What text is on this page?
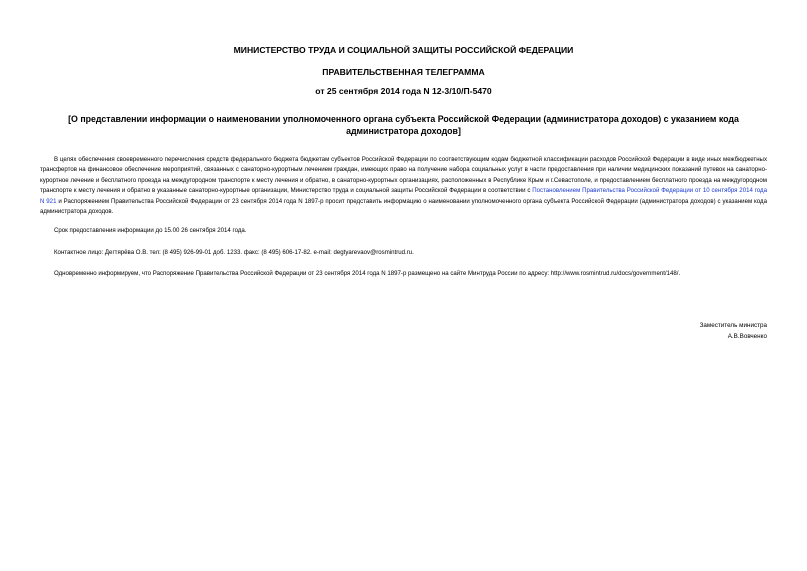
МИНИСТЕРСТВО ТРУДА И СОЦИАЛЬНОЙ ЗАЩИТЫ РОССИЙСКОЙ ФЕДЕРАЦИИ
ПРАВИТЕЛЬСТВЕННАЯ ТЕЛЕГРАММА
от 25 сентября 2014 года N 12-3/10/П-5470
[О представлении информации о наименовании уполномоченного органа субъекта Российской Федерации (администратора доходов) с указанием кода администратора доходов]
В целях обеспечения своевременного перечисления средств федерального бюджета бюджетам субъектов Российской Федерации по соответствующим кодам бюджетной классификации расходов Российской Федерации в виде иных межбюджетных трансфертов на финансовое обеспечение мероприятий, связанных с санаторно-курортным лечением граждан, имеющих право на получение набора социальных услуг в части предоставления при наличии медицинских показаний путевок на санаторно-курортное лечение и бесплатного проезда на междугородном транспорте к месту лечения и обратно, в санаторно-курортных организациях, расположенных в Республике Крым и г.Севастополе, и предоставлением бесплатного проезда на междугородном транспорте к месту лечения и обратно в указанные санаторно-курортные организации, Министерство труда и социальной защиты Российской Федерации в соответствии с Постановлением Правительства Российской Федерации от 10 сентября 2014 года N 921 и Распоряжением Правительства Российской Федерации от 23 сентября 2014 года N 1897-р просит представить информацию о наименовании уполномоченного органа субъекта Российской Федерации (администратора доходов) с указанием кода администратора доходов.
Срок предоставления информации до 15.00 26 сентября 2014 года.
Контактное лицо: Дегтярёва О.В. тел: (8 495) 926-99-01 доб. 1233. факс: (8 495) 606-17-82. e-mail: degtyarevaov@rosmintrud.ru.
Одновременно информируем, что Распоряжение Правительства Российской Федерации от 23 сентября 2014 года N 1897-р размещено на сайте Минтруда России по адресу: http://www.rosmintrud.ru/docs/government/148/.
Заместитель министра
А.В.Вовченко
